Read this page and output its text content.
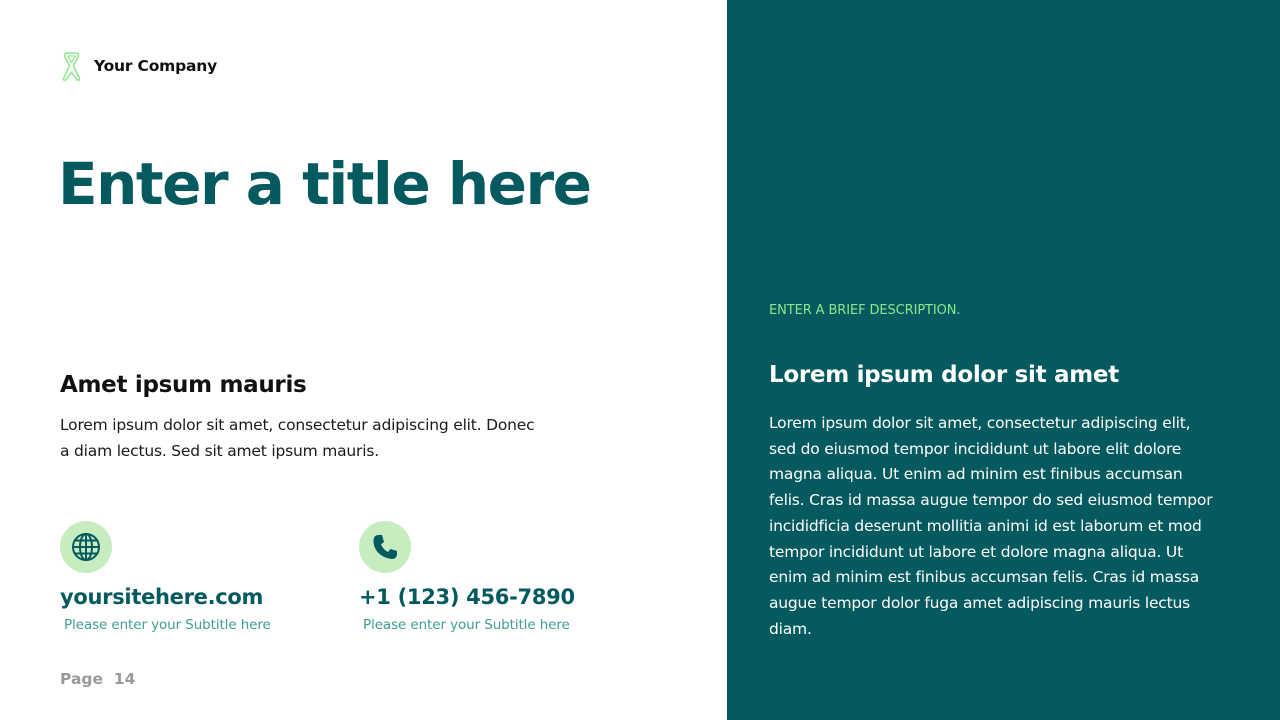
Your Company
Enter a title here
Amet ipsum mauris
Lorem ipsum dolor sit amet, consectetur adipiscing elit. Donec a diam lectus. Sed sit amet ipsum mauris.
yoursitehere.com
Please enter your Subtitle here
+1 (123) 456-7890
Please enter your Subtitle here
Page  14
ENTER A BRIEF DESCRIPTION.
Lorem ipsum dolor sit amet
Lorem ipsum dolor sit amet, consectetur adipiscing elit, sed do eiusmod tempor incididunt ut labore elit dolore magna aliqua. Ut enim ad minim est finibus accumsan felis. Cras id massa augue tempor do sed eiusmod tempor incididficia deserunt mollitia animi id est laborum et mod tempor incididunt ut labore et dolore magna aliqua. Ut enim ad minim est finibus accumsan felis. Cras id massa augue tempor dolor fuga amet adipiscing mauris lectus diam.
